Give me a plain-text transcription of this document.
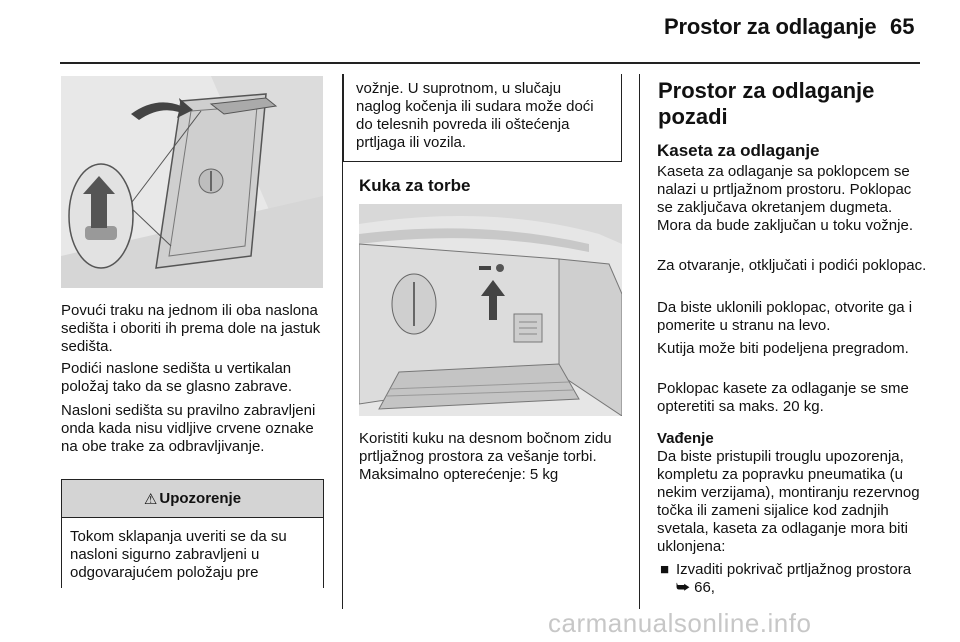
Prostor za odlaganje 65

Povući traku na jednom ili oba naslona sedišta i oboriti ih prema dole na jastuk sedišta.

Podići naslone sedišta u vertikalan položaj tako da se glasno zabrave.

Nasloni sedišta su pravilno zabravljeni onda kada nisu vidljive crvene oznake na obe trake za odbravljivanje.

⚠ Upozorenje

Tokom sklapanja uveriti se da su nasloni sigurno zabravljeni u odgovarajućem položaju pre

vožnje. U suprotnom, u slučaju naglog kočenja ili sudara može doći do telesnih povreda ili oštećenja prtljaga ili vozila.

Kuka za torbe

Koristiti kuku na desnom bočnom zidu prtljažnog prostora za vešanje torbi. Maksimalno opterećenje: 5 kg

Prostor za odlaganje pozadi
Kaseta za odlaganje

Kaseta za odlaganje sa poklopcem se nalazi u prtljažnom prostoru. Poklopac se zaključava okretanjem dugmeta. Mora da bude zaključan u toku vožnje.

Za otvaranje, otključati i podići poklopac.

Da biste uklonili poklopac, otvorite ga i pomerite u stranu na levo.

Kutija može biti podeljena pregradom.

Poklopac kasete za odlaganje se sme opteretiti sa maks. 20 kg.

Vađenje

Da biste pristupili trouglu upozorenja, kompletu za popravku pneumatika (u nekim verzijama), montiranju rezervnog točka ili zameni sijalice kod zadnjih svetala, kaseta za odlaganje mora biti uklonjena:

■ Izvaditi pokrivač prtljažnog prostora ⮩ 66,

carmanualsonline.info
